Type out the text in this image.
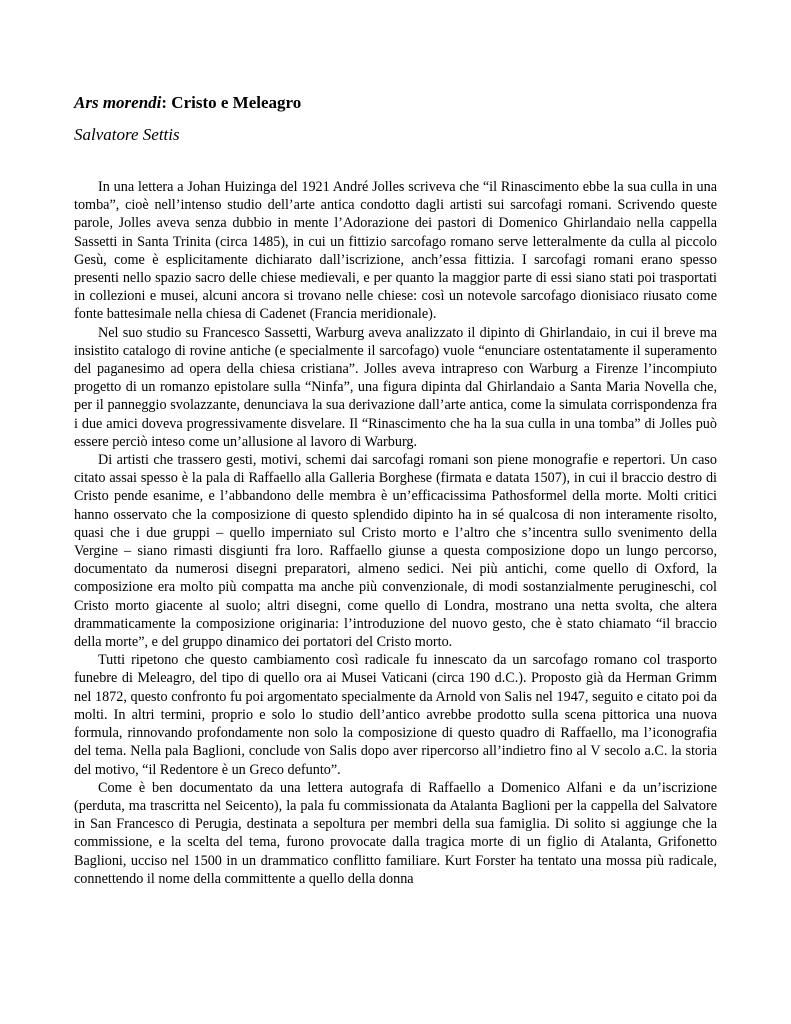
Ars morendi: Cristo e Meleagro
Salvatore Settis

In una lettera a Johan Huizinga del 1921 André Jolles scriveva che “il Rinascimento ebbe la sua culla in una tomba”, cioè nell’intenso studio dell’arte antica condotto dagli artisti sui sarcofagi romani. Scrivendo queste parole, Jolles aveva senza dubbio in mente l’Adorazione dei pastori di Domenico Ghirlandaio nella cappella Sassetti in Santa Trinita (circa 1485), in cui un fittizio sarcofago romano serve letteralmente da culla al piccolo Gesù, come è esplicitamente dichiarato dall’iscrizione, anch’essa fittizia. I sarcofagi romani erano spesso presenti nello spazio sacro delle chiese medievali, e per quanto la maggior parte di essi siano stati poi trasportati in collezioni e musei, alcuni ancora si trovano nelle chiese: così un notevole sarcofago dionisiaco riusato come fonte battesimale nella chiesa di Cadenet (Francia meridionale).

Nel suo studio su Francesco Sassetti, Warburg aveva analizzato il dipinto di Ghirlandaio, in cui il breve ma insistito catalogo di rovine antiche (e specialmente il sarcofago) vuole “enunciare ostentatamente il superamento del paganesimo ad opera della chiesa cristiana”. Jolles aveva intrapreso con Warburg a Firenze l’incompiuto progetto di un romanzo epistolare sulla “Ninfa”, una figura dipinta dal Ghirlandaio a Santa Maria Novella che, per il panneggio svolazzante, denunciava la sua derivazione dall’arte antica, come la simulata corrispondenza fra i due amici doveva progressivamente disvelare. Il “Rinascimento che ha la sua culla in una tomba” di Jolles può essere perciò inteso come un’allusione al lavoro di Warburg.

Di artisti che trassero gesti, motivi, schemi dai sarcofagi romani son piene monografie e repertori. Un caso citato assai spesso è la pala di Raffaello alla Galleria Borghese (firmata e datata 1507), in cui il braccio destro di Cristo pende esanime, e l’abbandono delle membra è un’efficacissima Pathosformel della morte. Molti critici hanno osservato che la composizione di questo splendido dipinto ha in sé qualcosa di non interamente risolto, quasi che i due gruppi – quello imperniato sul Cristo morto e l’altro che s’incentra sullo svenimento della Vergine – siano rimasti disgiunti fra loro. Raffaello giunse a questa composizione dopo un lungo percorso, documentato da numerosi disegni preparatori, almeno sedici. Nei più antichi, come quello di Oxford, la composizione era molto più compatta ma anche più convenzionale, di modi sostanzialmente perugineschi, col Cristo morto giacente al suolo; altri disegni, come quello di Londra, mostrano una netta svolta, che altera drammaticamente la composizione originaria: l’introduzione del nuovo gesto, che è stato chiamato “il braccio della morte”, e del gruppo dinamico dei portatori del Cristo morto.

Tutti ripetono che questo cambiamento così radicale fu innescato da un sarcofago romano col trasporto funebre di Meleagro, del tipo di quello ora ai Musei Vaticani (circa 190 d.C.). Proposto già da Herman Grimm nel 1872, questo confronto fu poi argomentato specialmente da Arnold von Salis nel 1947, seguito e citato poi da molti. In altri termini, proprio e solo lo studio dell’antico avrebbe prodotto sulla scena pittorica una nuova formula, rinnovando profondamente non solo la composizione di questo quadro di Raffaello, ma l’iconografia del tema. Nella pala Baglioni, conclude von Salis dopo aver ripercorso all’indietro fino al V secolo a.C. la storia del motivo, “il Redentore è un Greco defunto”.

Come è ben documentato da una lettera autografa di Raffaello a Domenico Alfani e da un’iscrizione (perduta, ma trascritta nel Seicento), la pala fu commissionata da Atalanta Baglioni per la cappella del Salvatore in San Francesco di Perugia, destinata a sepoltura per membri della sua famiglia. Di solito si aggiunge che la commissione, e la scelta del tema, furono provocate dalla tragica morte di un figlio di Atalanta, Grifonetto Baglioni, ucciso nel 1500 in un drammatico conflitto familiare. Kurt Forster ha tentato una mossa più radicale, connettendo il nome della committente a quello della donna
